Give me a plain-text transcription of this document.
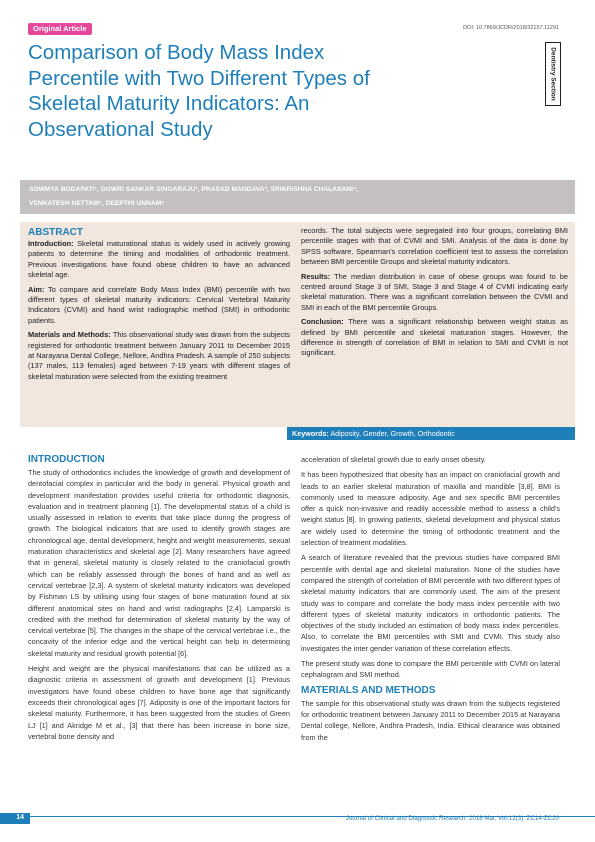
Original Article	DOI: 10.7860/JCDR/2018/32157.11291
Dentistry Section
Comparison of Body Mass Index Percentile with Two Different Types of Skeletal Maturity Indicators: An Observational Study
SOWMYA BODAPATI¹, GOWRI SANKAR SINGARAJU², PRASAD MANDAVA³, SRIKRISHNA CHALASANI⁴,
VENKATESH NETTAM⁵, DEEPTHI UNNAM⁶
ABSTRACT

Introduction: Skeletal maturational status is widely used in actively growing patients to determine the timing and modalities of orthodontic treatment. Previous investigations have found obese children to have an advanced skeletal age.

Aim: To compare and correlate Body Mass Index (BMI) percentile with two different types of skeletal maturity indicators: Cervical Vertebral Maturity Indicators (CVMI) and hand wrist radiographic method (SMI) in orthodontic patients.

Materials and Methods: This observational study was drawn from the subjects registered for orthodontic treatment between January 2011 to December 2015 at Narayana Dental College, Nellore, Andhra Pradesh. A sample of 250 subjects (137 males, 113 females) aged between 7-19 years with different stages of skeletal maturation were selected from the existing treatment

records. The total subjects were segregated into four groups, correlating BMI percentile stages with that of CVMI and SMI. Analysis of the data is done by SPSS software. Spearman's correlation coefficient test to assess the correlation between BMI percentile Groups and skeletal maturity indicators.

Results: The median distribution in case of obese groups was found to be centred around Stage 3 of SMI, Stage 3 and Stage 4 of CVMI indicating early skeletal maturation. There was a significant correlation between the CVMI and SMI in each of the BMI percentile Groups.

Conclusion: There was a significant relationship between weight status as defined by BMI percentile and skeletal maturation stages. However, the difference in strength of correlation of BMI in relation to SMI and CVMI is not significant.

Keywords: Adiposity, Gender, Growth, Orthodontic
INTRODUCTION

The study of orthodontics includes the knowledge of growth and development of dentofacial complex in particular and the body in general. Physical growth and development manifestation provides useful criteria for orthodontic diagnosis, evaluation and in treatment planning [1]. The developmental status of a child is usually assessed in relation to events that take place during the progress of growth. The biological indicators that are used to identify growth stages are chronological age, dental development, height and weight measurements, sexual maturation characteristics and skeletal age [2]. Many researchers have agreed that in general, skeletal maturity is closely related to the craniofacial growth which can be reliably assessed through the bones of hand and as well as cervical vertebrae [2,3]. A system of skeletal maturity indicators was developed by Fishman LS by utilising using four stages of bone maturation found at six different anatomical sites on hand and wrist radiographs [2,4]. Lamparski is credited with the method for determination of skeletal maturity by the way of cervical vertebrae [5]. The changes in the shape of the cervical vertebrae i.e., the concavity of the inferior edge and the vertical height can help in determining skeletal maturity and residual growth potential [6].

Height and weight are the physical manifestations that can be utilized as a diagnostic criteria in assessment of growth and development [1]. Previous investigators have found obese children to have bone age that significantly exceeds their chronological ages [7]. Adiposity is one of the important factors for skeletal maturity. Furthermore, it has been suggested from the studies of Green LJ [1] and Akridge M et al., [3] that there has been increase in bone size, vertebral bone density and

acceleration of skeletal growth due to early onset obesity.

It has been hypothesized that obesity has an impact on craniofacial growth and leads to an earlier skeletal maturation of maxilla and mandible [3,8]. BMI is commonly used to measure adiposity. Age and sex specific BMI percentiles offer a quick non-invasive and readily accessible method to assess a child's weight status [8]. In growing patients, skeletal development and physical status are widely used to determine the timing of orthodontic treatment and the selection of treatment modalities.

A search of literature revealed that the previous studies have compared BMI percentile with dental age and skeletal maturation. None of the studies have compared the strength of correlation of BMI percentile with two different types of skeletal maturity indicators that are commonly used. The aim of the present study was to compare and correlate the body mass index percentile with two different types of skeletal maturity indicators in orthodontic patients. The objectives of the study included an estimation of body mass index percentiles. Also, to correlate the BMI percentiles with SMI and CVMI. This study also investigates the inter gender variation of these correlation effects.

The present study was done to compare the BMI percentile with CVMI on lateral cephalogram and SMI method.

MATERIALS AND METHODS

The sample for this observational study was drawn from the subjects registered for orthodontic treatment between January 2011 to December 2015 at Narayana Dental college, Nellore, Andhra Pradesh, India. Ethical clearance was obtained from the

14	Journal of Clinical and Diagnostic Research. 2018 Mar, Vol-12(3): ZC14-ZC20
